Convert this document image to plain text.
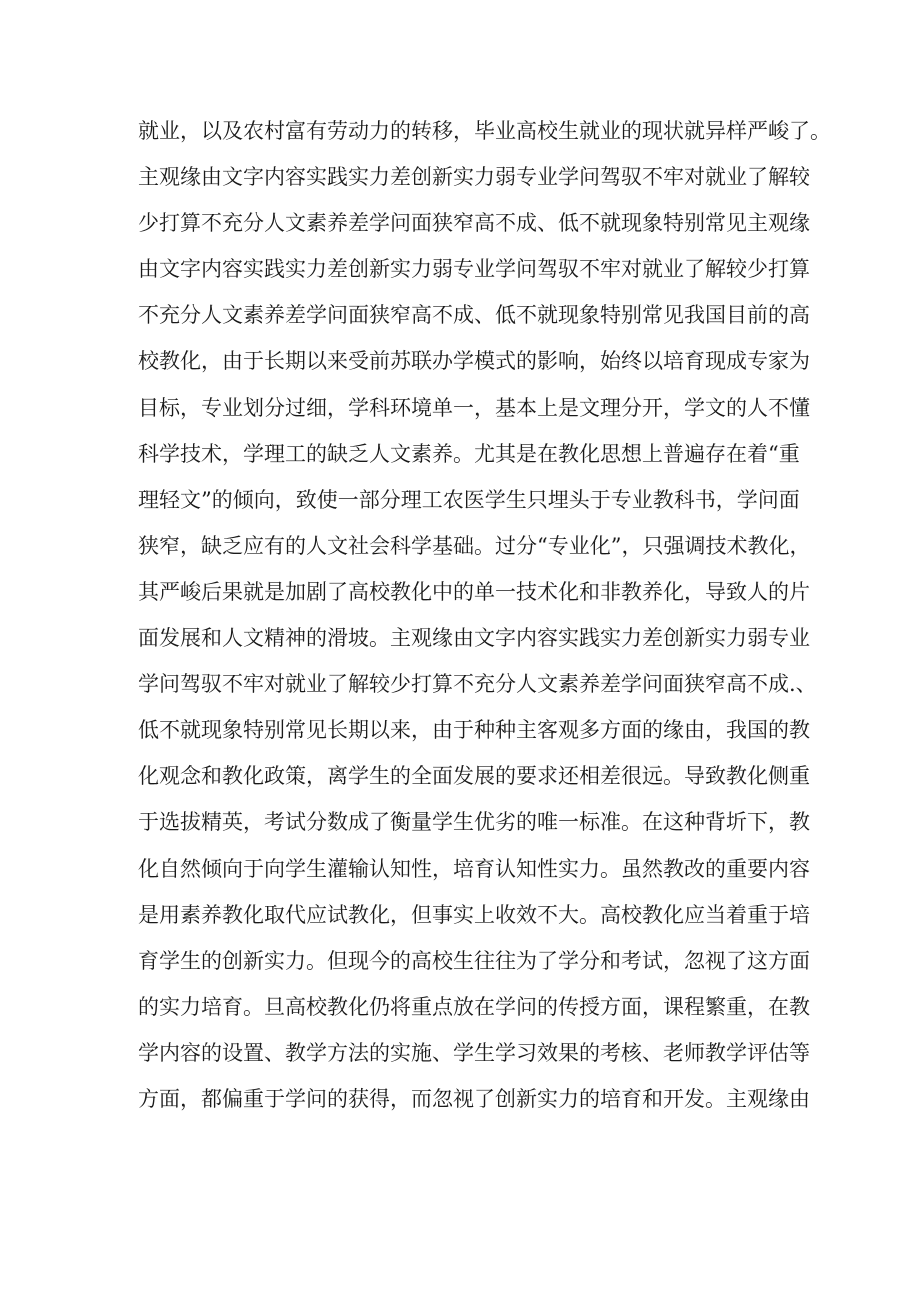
就业，以及农村富有劳动力的转移，毕业高校生就业的现状就异样严峻了。
主观缘由文字内容实践实力差创新实力弱专业学问驾驭不牢对就业了解较
少打算不充分人文素养差学问面狭窄高不成、低不就现象特别常见主观缘
由文字内容实践实力差创新实力弱专业学问驾驭不牢对就业了解较少打算
不充分人文素养差学问面狭窄高不成、低不就现象特别常见我国目前的高
校教化，由于长期以来受前苏联办学模式的影响，始终以培育现成专家为
目标，专业划分过细，学科环境单一，基本上是文理分开，学文的人不懂
科学技术，学理工的缺乏人文素养。尤其是在教化思想上普遍存在着“重
理轻文”的倾向，致使一部分理工农医学生只埋头于专业教科书，学问面
狭窄，缺乏应有的人文社会科学基础。过分“专业化”，只强调技术教化，
其严峻后果就是加剧了高校教化中的单一技术化和非教养化，导致人的片
面发展和人文精神的滑坡。主观缘由文字内容实践实力差创新实力弱专业
学问驾驭不牢对就业了解较少打算不充分人文素养差学问面狭窄高不成.、
低不就现象特别常见长期以来，由于种种主客观多方面的缘由，我国的教
化观念和教化政策，离学生的全面发展的要求还相差很远。导致教化侧重
于选拔精英，考试分数成了衡量学生优劣的唯一标准。在这种背圻下，教
化自然倾向于向学生灌输认知性，培育认知性实力。虽然教改的重要内容
是用素养教化取代应试教化，但事实上收效不大。高校教化应当着重于培
育学生的创新实力。但现今的高校生往往为了学分和考试，忽视了这方面
的实力培育。旦高校教化仍将重点放在学问的传授方面，课程繁重，在教
学内容的设置、教学方法的实施、学生学习效果的考核、老师教学评估等
方面，都偏重于学问的获得，而忽视了创新实力的培育和开发。主观缘由
